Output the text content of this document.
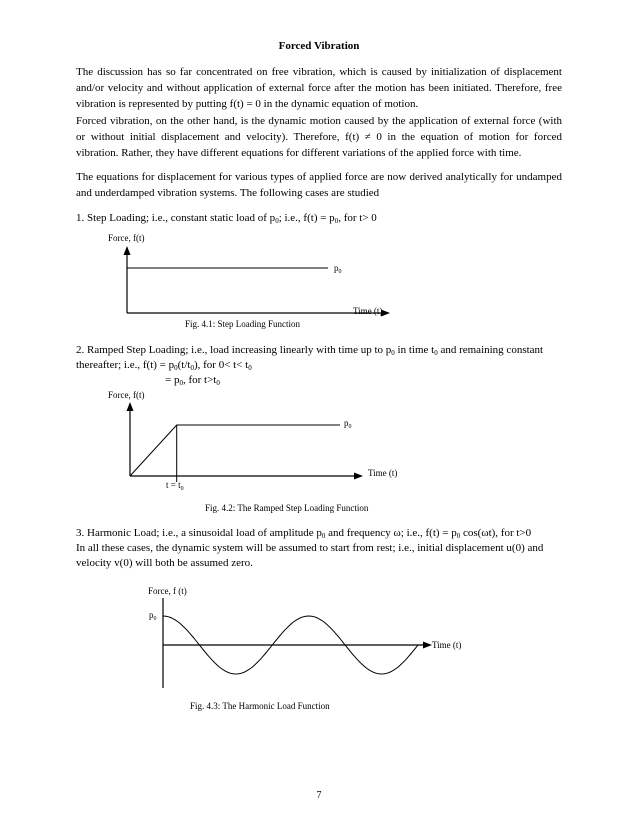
Forced Vibration

The discussion has so far concentrated on free vibration, which is caused by initialization of displacement and/or velocity and without application of external force after the motion has been initiated. Therefore, free vibration is represented by putting f(t) = 0 in the dynamic equation of motion.

Forced vibration, on the other hand, is the dynamic motion caused by the application of external force (with or without initial displacement and velocity). Therefore, f(t) ≠ 0 in the equation of motion for forced vibration. Rather, they have different equations for different variations of the applied force with time.

The equations for displacement for various types of applied force are now derived analytically for undamped and underdamped vibration systems. The following cases are studied

1. Step Loading; i.e., constant static load of $p_0$; i.e., $f(t) = p_0$, for t> 0

Force, f(t)
$p_0$
Time (t)
Fig. 4.1: Step Loading Function

2. Ramped Step Loading; i.e., load increasing linearly with time up to $p_0$ in time $t_0$ and remaining constant

thereafter; i.e., $f(t) = p_0(t/t_0)$, for $0< t< t_0$

= $p_0$, for $t>t_0$

Force, f(t)
$p_0$
Time (t)
$t = t_0$
Fig. 4.2: The Ramped Step Loading Function

3. Harmonic Load; i.e., a sinusoidal load of amplitude $p_0$ and frequency ω; i.e., $f(t) = p_0$ cos(ωt), for t>0

In all these cases, the dynamic system will be assumed to start from rest; i.e., initial displacement u(0) and

velocity v(0) will both be assumed zero.

Force, f (t)
$p_0$
Time (t)
Fig. 4.3: The Harmonic Load Function
7
